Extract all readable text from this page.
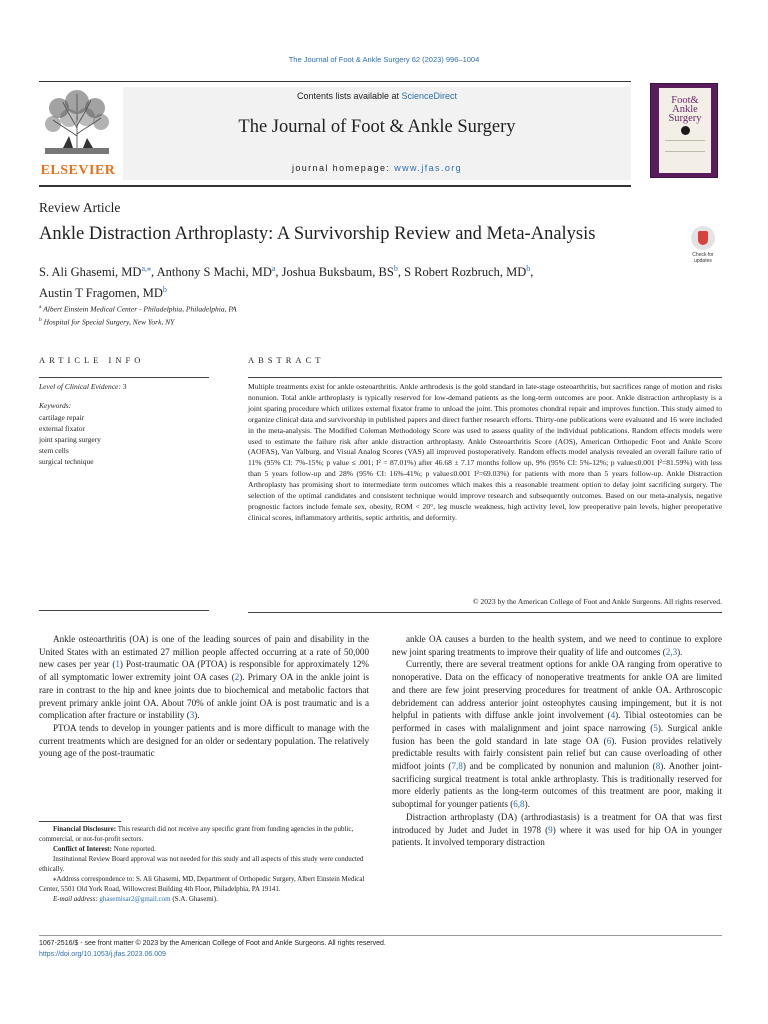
The Journal of Foot & Ankle Surgery 62 (2023) 996–1004
ELSEVIER
Contents lists available at ScienceDirect
The Journal of Foot & Ankle Surgery
journal homepage: www.jfas.org
Foot&
Ankle
Surgery
Review Article
Ankle Distraction Arthroplasty: A Survivorship Review and Meta-Analysis
Check for
updates
S. Ali Ghasemi, $MD^{a,⁎}$, Anthony S Machi, $MD^a$, Joshua Buksbaum, $BS^b$, S Robert Rozbruch, $MD^b$,
Austin T Fragomen, $MD^b$
$^a$ Albert Einstein Medical Center - Philadelphia, Philadelphia, PA
$^b$ Hospital for Special Surgery, New York, NY
ARTICLE INFO	ABSTRACT
Level of Clinical Evidence: 3
Keywords:
cartilage repair
external fixator
joint sparing surgery
stem cells
surgical technique
Multiple treatments exist for ankle osteoarthritis. Ankle arthrodesis is the gold standard in late-stage osteoarthritis, but sacrifices range of motion and risks nonunion. Total ankle arthroplasty is typically reserved for low-demand patients as the long-term outcomes are poor. Ankle distraction arthroplasty is a joint sparing procedure which utilizes external fixator frame to unload the joint. This promotes chondral repair and improves function. This study aimed to organize clinical data and survivorship in published papers and direct further research efforts. Thirty-one publications were evaluated and 16 were included in the meta-analysis. The Modified Coleman Methodology Score was used to assess quality of the individual publications. Random effects models were used to estimate the failure risk after ankle distraction arthroplasty. Ankle Osteoarthritis Score (AOS), American Orthopedic Foot and Ankle Score (AOFAS), Van Valburg, and Visual Analog Scores (VAS) all improved postoperatively. Random effects model analysis revealed an overall failure ratio of 11% (95% CI: 7%-15%; p value ≤ .001; I² = 87.01%) after 46.68 ± 7.17 months follow up, 9% (95% CI: 5%-12%; p value≤0.001 I²=81.59%) with less than 5 years follow-up and 28% (95% CI: 16%-41%; p value≤0.001 I²=69.03%) for patients with more than 5 years follow-up. Ankle Distraction Arthroplasty has promising short to intermediate term outcomes which makes this a reasonable treatment option to delay joint sacrificing surgery. The selection of the optimal candidates and consistent technique would improve research and subsequently outcomes. Based on our meta-analysis, negative prognostic factors include female sex, obesity, ROM < 20°, leg muscle weakness, high activity level, low preoperative pain levels, higher preoperative clinical scores, inflammatory arthritis, septic arthritis, and deformity.
© 2023 by the American College of Foot and Ankle Surgeons. All rights reserved.

Ankle osteoarthritis (OA) is one of the leading sources of pain and disability in the United States with an estimated 27 million people affected occurring at a rate of 50,000 new cases per year (1) Post-traumatic OA (PTOA) is responsible for approximately 12% of all symptomatic lower extremity joint OA cases (2). Primary OA in the ankle joint is rare in contrast to the hip and knee joints due to biochemical and metabolic factors that prevent primary ankle joint OA. About 70% of ankle joint OA is post traumatic and is a complication after fracture or instability (3).

PTOA tends to develop in younger patients and is more difficult to manage with the current treatments which are designed for an older or sedentary population. The relatively young age of the post-traumatic

ankle OA causes a burden to the health system, and we need to continue to explore new joint sparing treatments to improve their quality of life and outcomes (2,3).

Currently, there are several treatment options for ankle OA ranging from operative to nonoperative. Data on the efficacy of nonoperative treatments for ankle OA are limited and there are few joint preserving procedures for treatment of ankle OA. Arthroscopic debridement can address anterior joint osteophytes causing impingement, but it is not helpful in patients with diffuse ankle joint involvement (4). Tibial osteotomies can be performed in cases with malalignment and joint space narrowing (5). Surgical ankle fusion has been the gold standard in late stage OA (6). Fusion provides relatively predictable results with fairly consistent pain relief but can cause overloading of other midfoot joints (7,8) and be complicated by nonunion and malunion (8). Another joint-sacrificing surgical treatment is total ankle arthroplasty. This is traditionally reserved for more elderly patients as the long-term outcomes of this treatment are poor, making it suboptimal for younger patients (6,8).

Distraction arthroplasty (DA) (arthrodiastasis) is a treatment for OA that was first introduced by Judet and Judet in 1978 (9) where it was used for hip OA in younger patients. It involved temporary distraction

Financial Disclosure: This research did not receive any specific grant from funding agencies in the public, commercial, or not-for-profit sectors.

Conflict of Interest: None reported.

Institutional Review Board approval was not needed for this study and all aspects of this study were conducted ethically.

⁎Address correspondence to: S. Ali Ghasemi, MD, Department of Orthopedic Surgery, Albert Einstein Medical Center, 5501 Old York Road, Willowcrest Building 4th Floor, Philadelphia, PA 19141.

E-mail address: ghasemisar2@gmail.com (S.A. Ghasemi).

1067-2516/$ - see front matter © 2023 by the American College of Foot and Ankle Surgeons. All rights reserved.
https://doi.org/10.1053/j.jfas.2023.06.009
